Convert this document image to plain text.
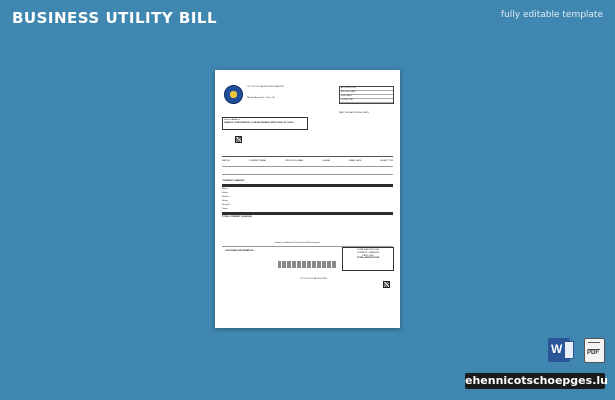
BUSINESS UTILITY BILL	fully editable template
CITY OF TULSA UTILITIES SERVICE
Wichita Avenue S, Tulsa, OK
ACCOUNT NO.
BILLING DATE
DUE DATE
TOTAL DUE
PAST DUE AFTER DUE DATE
Service Address:
SAMPLE CORPORATION, 1234 ANYWHERE, NEW YORK, NY 10012
METER	CURRENT READ	PREVIOUS READ	USAGE	READ DATE	READ TYPE
CURRENT CHARGES
Water
Sewer
Refuse
Storm
Recycle
Taxes
TOTAL CURRENT CHARGES
Detach and Return This Portion With Payment
CUSTOMER INFORMATION	TOTAL AMOUNT DUE
CURRENT CHARGES
PAST DUE
TOTAL AMOUNT DUE
CITY OF TULSA UTILITIES
W	PDF
ehennicotschoepges.lu
